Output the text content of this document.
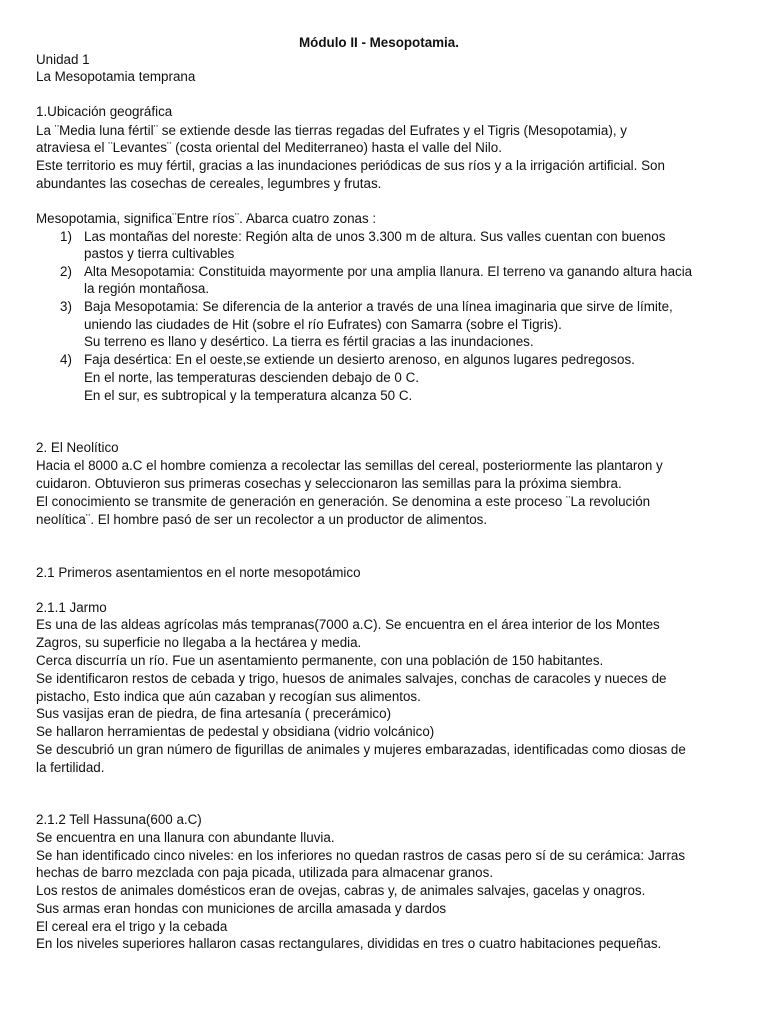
Módulo II - Mesopotamia.
Unidad 1
La Mesopotamia temprana
1.Ubicación geográfica
La ¨Media luna fértil¨ se extiende desde las tierras regadas del Eufrates y el Tigris (Mesopotamia), y
atraviesa el ¨Levantes¨ (costa oriental del Mediterraneo) hasta el valle del Nilo.
Este territorio es muy fértil, gracias a las inundaciones periódicas de sus ríos y a la irrigación artificial. Son
abundantes las cosechas de cereales, legumbres y frutas.
Mesopotamia, significa¨Entre ríos¨. Abarca cuatro zonas :
1) Las montañas del noreste: Región alta de unos 3.300 m de altura. Sus valles cuentan con buenos
pastos y tierra cultivables
2) Alta Mesopotamia: Constituida mayormente por una amplia llanura. El terreno va ganando altura hacia
la región montañosa.
3) Baja Mesopotamia: Se diferencia de la anterior a través de una línea imaginaria que sirve de límite,
uniendo las ciudades de Hit (sobre el río Eufrates) con Samarra (sobre el Tigris).
Su terreno es llano y desértico. La tierra es fértil gracias a las inundaciones.
4) Faja desértica: En el oeste,se extiende un desierto arenoso, en algunos lugares pedregosos.
En el norte, las temperaturas descienden debajo de 0 C.
En el sur, es subtropical y la temperatura alcanza 50 C.
2. El Neolítico
Hacia el 8000 a.C el hombre comienza a recolectar las semillas del cereal, posteriormente las plantaron y
cuidaron. Obtuvieron sus primeras cosechas y seleccionaron las semillas para la próxima siembra.
El conocimiento se transmite de generación en generación. Se denomina a este proceso ¨La revolución
neolítica¨. El hombre pasó de ser un recolector a un productor de alimentos.
2.1 Primeros asentamientos en el norte mesopotámico
2.1.1 Jarmo
Es una de las aldeas agrícolas más tempranas(7000 a.C). Se encuentra en el área interior de los Montes
Zagros, su superficie no llegaba a la hectárea y media.
Cerca discurría un río. Fue un asentamiento permanente, con una población de 150 habitantes.
Se identificaron restos de cebada y trigo, huesos de animales salvajes, conchas de caracoles y nueces de
pistacho, Esto indica que aún cazaban y recogían sus alimentos.
Sus vasijas eran de piedra, de fina artesanía ( precerámico)
Se hallaron herramientas de pedestal y obsidiana (vidrio volcánico)
Se descubrió un gran número de figurillas de animales y mujeres embarazadas, identificadas como diosas de
la fertilidad.
2.1.2 Tell Hassuna(600 a.C)
Se encuentra en una llanura con abundante lluvia.
Se han identificado cinco niveles: en los inferiores no quedan rastros de casas pero sí de su cerámica: Jarras
hechas de barro mezclada con paja picada, utilizada para almacenar granos.
Los restos de animales domésticos eran de ovejas, cabras y, de animales salvajes, gacelas y onagros.
Sus armas eran hondas con municiones de arcilla amasada y dardos
El cereal era el trigo y la cebada
En los niveles superiores hallaron casas rectangulares, divididas en tres o cuatro habitaciones pequeñas.
